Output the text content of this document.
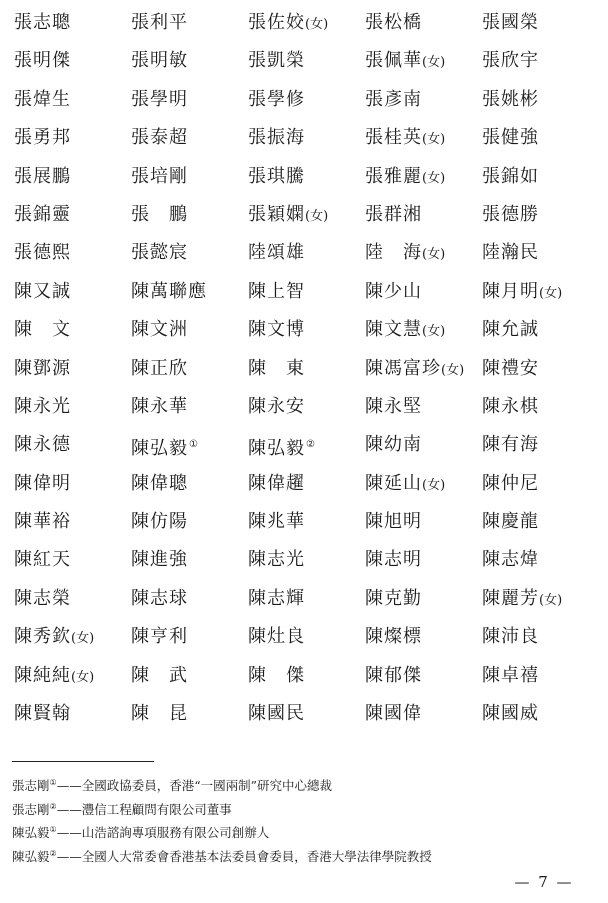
張志聰	張利平	張佐姣(女)	張松橋	張國榮
張明傑	張明敏	張凱榮	張佩華(女)	張欣宇
張煒生	張學明	張學修	張彥南	張姚彬
張勇邦	張泰超	張振海	張桂英(女)	張健強
張展鵬	張培剛	張琪騰	張雅麗(女)	張錦如
張錦靈	張　鵬	張穎嫻(女)	張群湘	張德勝
張德熙	張懿宸	陸頌雄	陸　海(女)	陸瀚民
陳又誠	陳萬聯應	陳上智	陳少山	陳月明(女)
陳　文	陳文洲	陳文博	陳文慧(女)	陳允誠
陳鄧源	陳正欣	陳　東	陳馮富珍(女) 陳禮安
陳永光	陳永華	陳永安	陳永堅	陳永棋
陳永德	陳弘毅①	陳弘毅②	陳幼南	陳有海
陳偉明	陳偉聰	陳偉趯	陳延山(女)	陳仲尼
陳華裕	陳仿陽	陳兆華	陳旭明	陳慶龍
陳紅天	陳進強	陳志光	陳志明	陳志煒
陳志榮	陳志球	陳志輝	陳克勤	陳麗芳(女)
陳秀欽(女)	陳亨利	陳灶良	陳燦標	陳沛良
陳純純(女)	陳　武	陳　傑	陳郁傑	陳卓禧
陳賢翰	陳　昆	陳國民	陳國偉	陳國威
張志剛①——全國政協委員，香港“一國兩制”研究中心總裁
張志剛②——灃信工程顧問有限公司董事
陳弘毅①——山浩諮詢專項服務有限公司創辦人
陳弘毅②——全國人大常委會香港基本法委員會委員，香港大學法律學院教授
— 7 —
